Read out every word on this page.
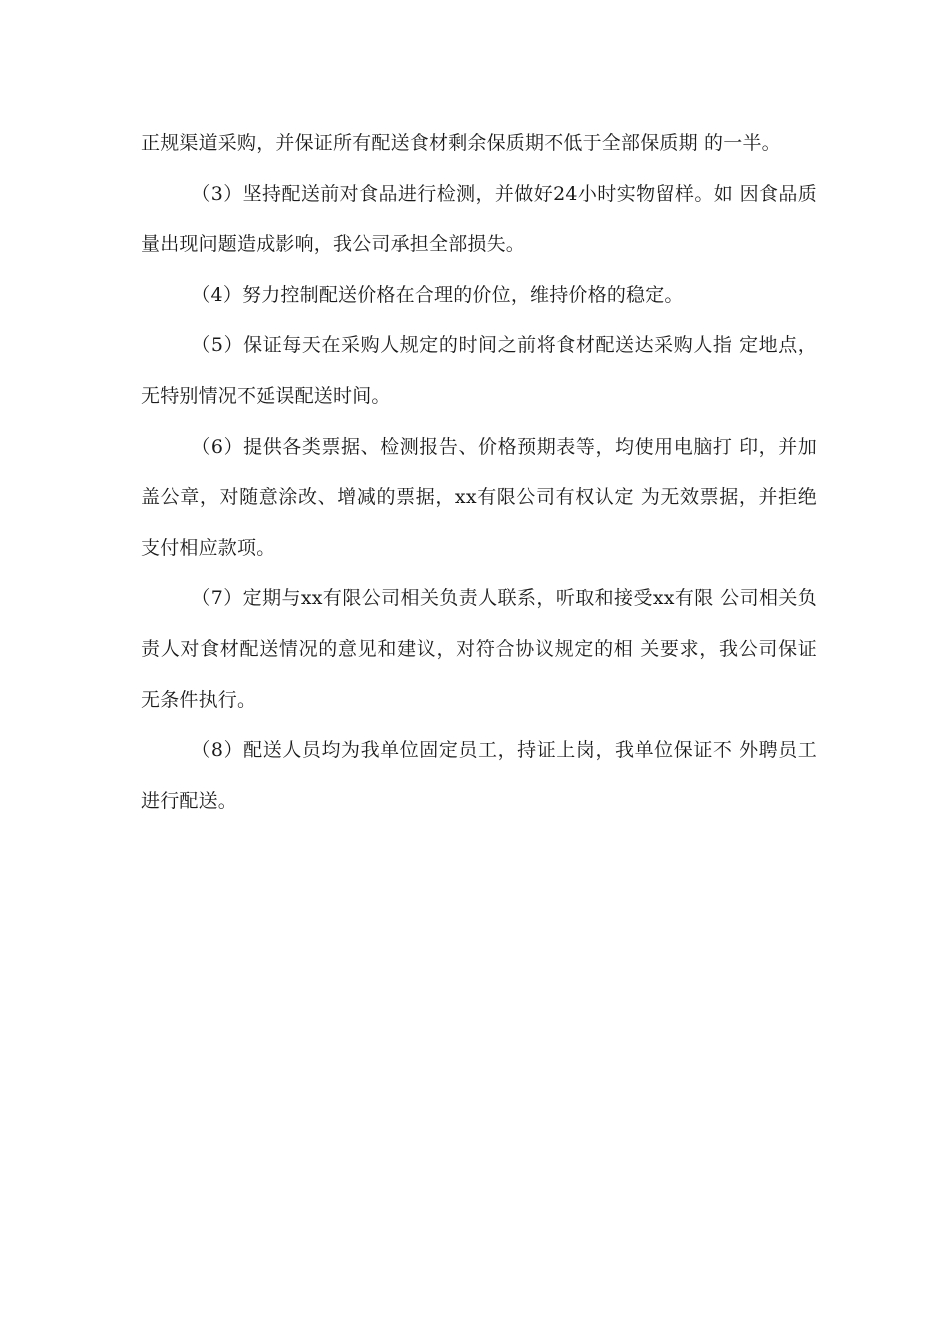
正规渠道采购，并保证所有配送食材剩余保质期不低于全部保质期 的一半。

（3）坚持配送前对食品进行检测，并做好24小时实物留样。如 因食品质量出现问题造成影响，我公司承担全部损失。

（4）努力控制配送价格在合理的价位，维持价格的稳定。

（5）保证每天在采购人规定的时间之前将食材配送达采购人指 定地点，无特别情况不延误配送时间。

（6）提供各类票据、检测报告、价格预期表等，均使用电脑打 印，并加盖公章，对随意涂改、增减的票据，xx有限公司有权认定 为无效票据，并拒绝支付相应款项。

（7）定期与xx有限公司相关负责人联系，听取和接受xx有限 公司相关负责人对食材配送情况的意见和建议，对符合协议规定的相 关要求，我公司保证无条件执行。

（8）配送人员均为我单位固定员工，持证上岗，我单位保证不 外聘员工进行配送。
